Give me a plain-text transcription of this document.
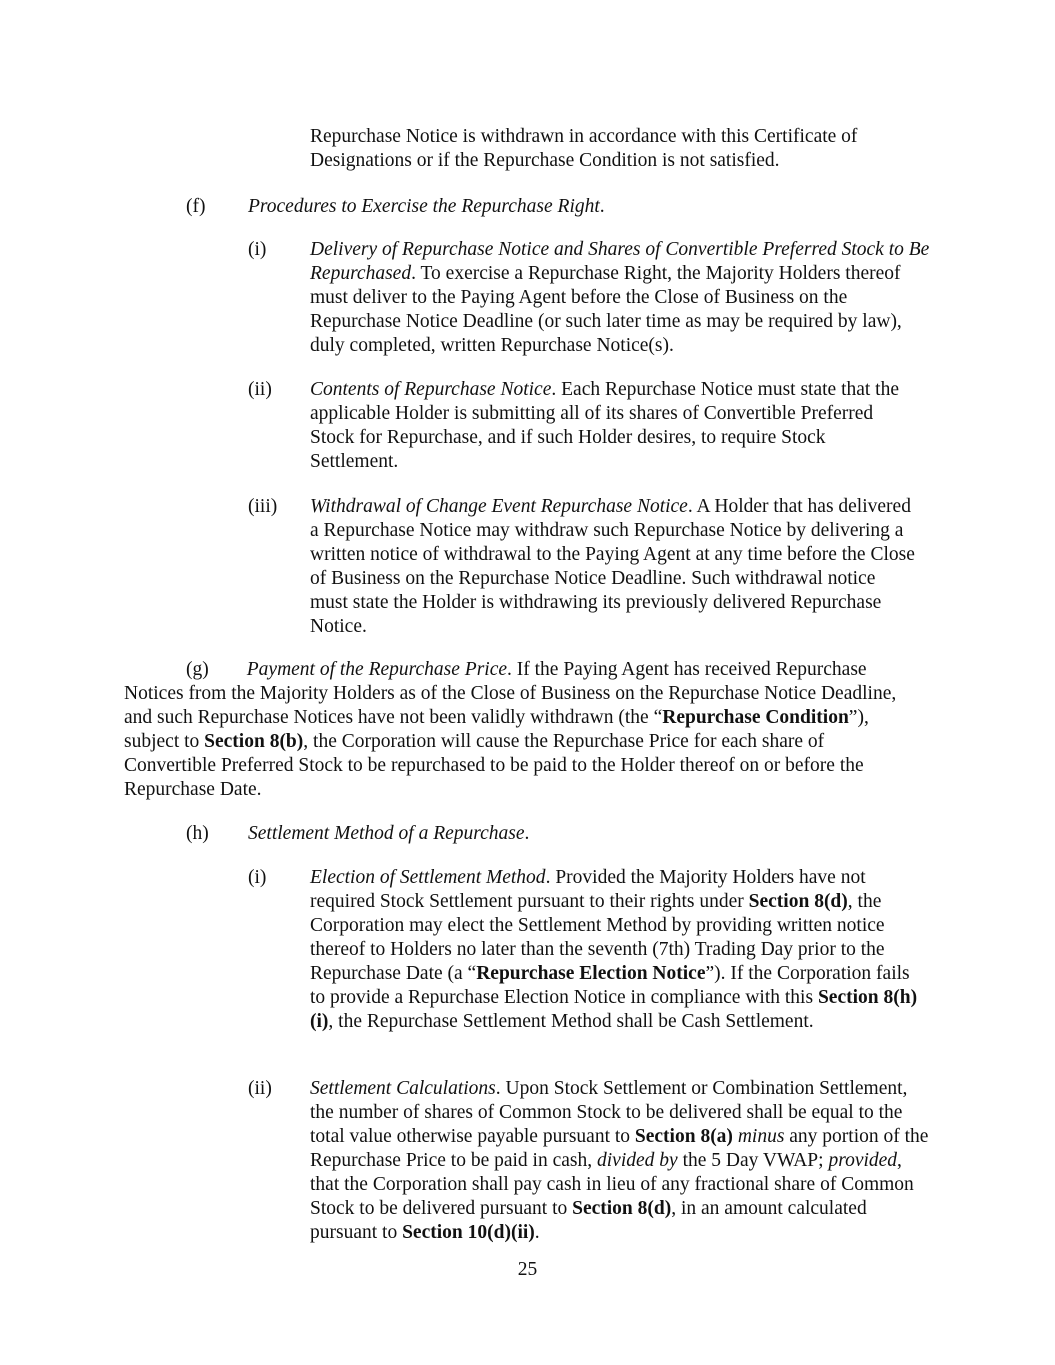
Repurchase Notice is withdrawn in accordance with this Certificate of Designations or if the Repurchase Condition is not satisfied.
(f) Procedures to Exercise the Repurchase Right.
(i) Delivery of Repurchase Notice and Shares of Convertible Preferred Stock to Be Repurchased. To exercise a Repurchase Right, the Majority Holders thereof must deliver to the Paying Agent before the Close of Business on the Repurchase Notice Deadline (or such later time as may be required by law), duly completed, written Repurchase Notice(s).
(ii) Contents of Repurchase Notice. Each Repurchase Notice must state that the applicable Holder is submitting all of its shares of Convertible Preferred Stock for Repurchase, and if such Holder desires, to require Stock Settlement.
(iii) Withdrawal of Change Event Repurchase Notice. A Holder that has delivered a Repurchase Notice may withdraw such Repurchase Notice by delivering a written notice of withdrawal to the Paying Agent at any time before the Close of Business on the Repurchase Notice Deadline. Such withdrawal notice must state the Holder is withdrawing its previously delivered Repurchase Notice.
(g) Payment of the Repurchase Price. If the Paying Agent has received Repurchase Notices from the Majority Holders as of the Close of Business on the Repurchase Notice Deadline, and such Repurchase Notices have not been validly withdrawn (the “Repurchase Condition”), subject to Section 8(b), the Corporation will cause the Repurchase Price for each share of Convertible Preferred Stock to be repurchased to be paid to the Holder thereof on or before the Repurchase Date.
(h) Settlement Method of a Repurchase.
(i) Election of Settlement Method. Provided the Majority Holders have not required Stock Settlement pursuant to their rights under Section 8(d), the Corporation may elect the Settlement Method by providing written notice thereof to Holders no later than the seventh (7th) Trading Day prior to the Repurchase Date (a “Repurchase Election Notice”). If the Corporation fails to provide a Repurchase Election Notice in compliance with this Section 8(h)(i), the Repurchase Settlement Method shall be Cash Settlement.
(ii) Settlement Calculations. Upon Stock Settlement or Combination Settlement, the number of shares of Common Stock to be delivered shall be equal to the total value otherwise payable pursuant to Section 8(a) minus any portion of the Repurchase Price to be paid in cash, divided by the 5 Day VWAP; provided, that the Corporation shall pay cash in lieu of any fractional share of Common Stock to be delivered pursuant to Section 8(d), in an amount calculated pursuant to Section 10(d)(ii).
25
